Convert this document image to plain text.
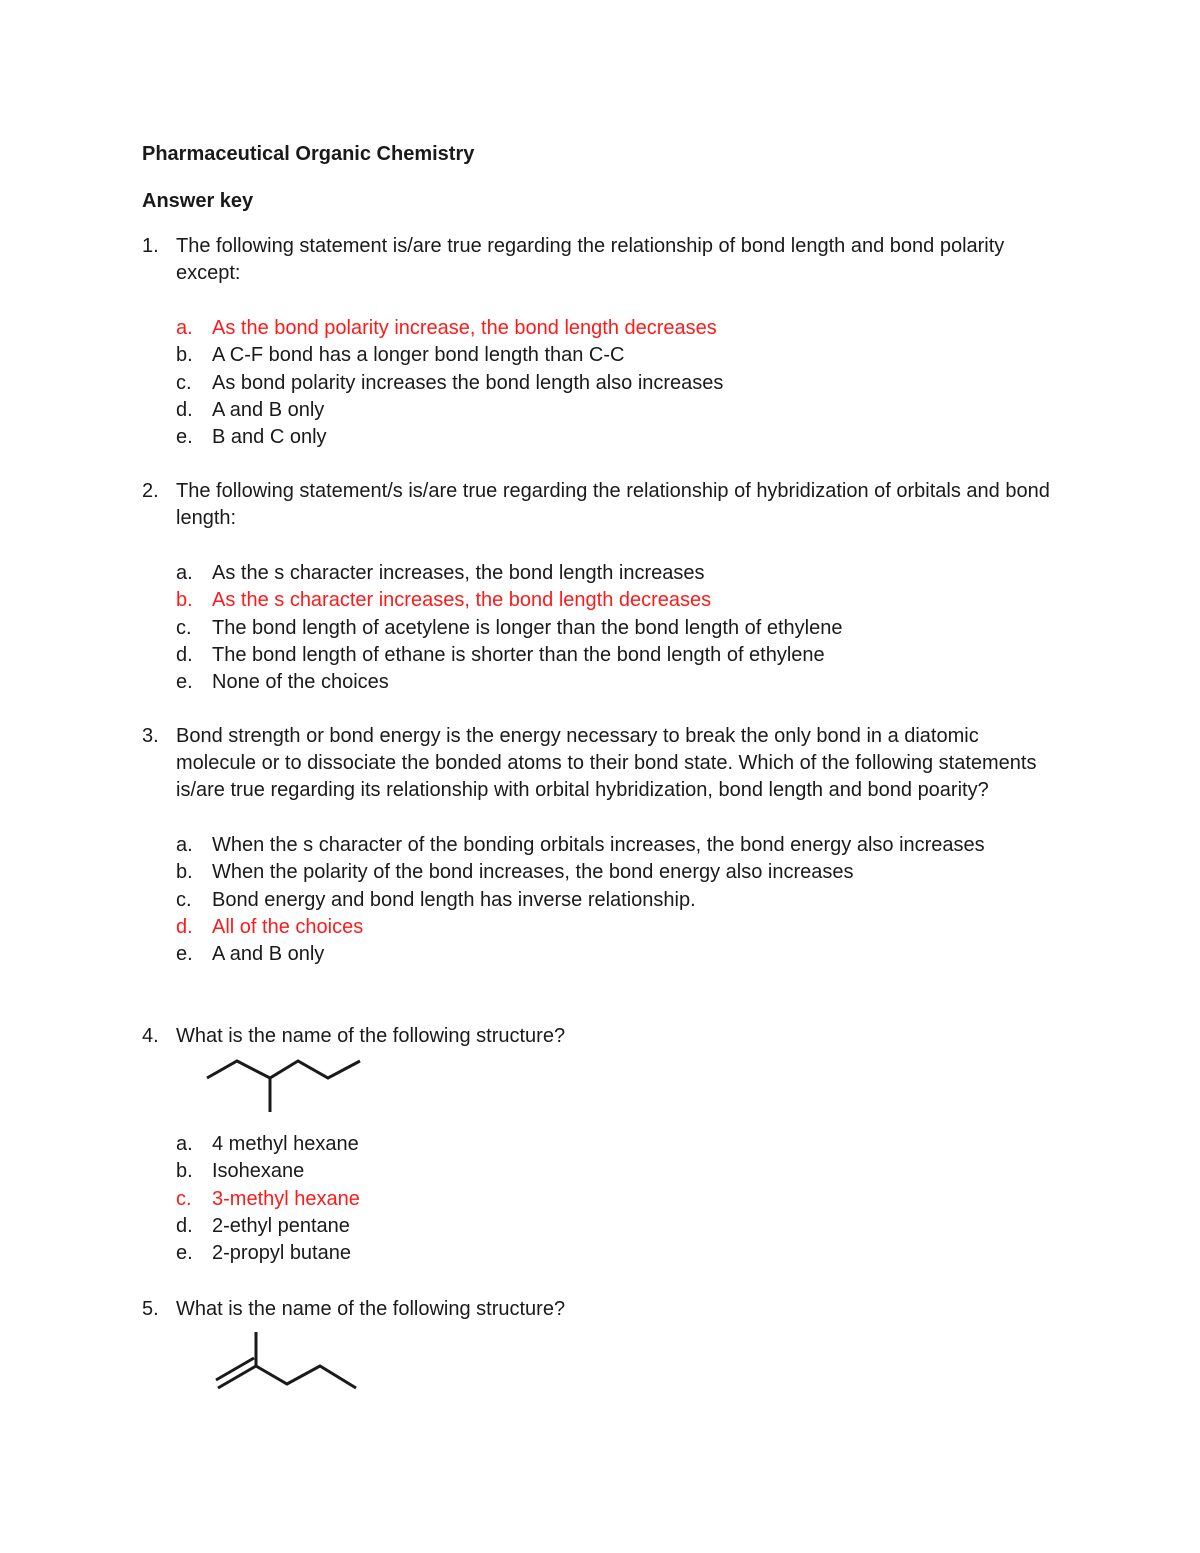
Pharmaceutical Organic Chemistry
Answer key
1. The following statement is/are true regarding the relationship of bond length and bond polarity except:
a. As the bond polarity increase, the bond length decreases
b. A C-F bond has a longer bond length than C-C
c.	As bond polarity increases the bond length also increases
d. A and B only
e. B and C only
2. The following statement/s is/are true regarding the relationship of hybridization of orbitals and bond length:
a. As the s character increases, the bond length increases
b. As the s character increases, the bond length decreases
c.	The bond length of acetylene is longer than the bond length of ethylene
d. The bond length of ethane is shorter than the bond length of ethylene
e. None of the choices
3. Bond strength or bond energy is the energy necessary to break the only bond in a diatomic molecule or to dissociate the bonded atoms to their bond state. Which of the following statements is/are true regarding its relationship with orbital hybridization, bond length and bond poarity?
a. When the s character of the bonding orbitals increases, the bond energy also increases
b. When the polarity of the bond increases, the bond energy also increases
c.	Bond energy and bond length has inverse relationship.
d. All of the choices
e. A and B only
4. What is the name of the following structure?
a. 4 methyl hexane
b. Isohexane
c.	3-methyl hexane
d. 2-ethyl pentane
e. 2-propyl butane
5. What is the name of the following structure?
